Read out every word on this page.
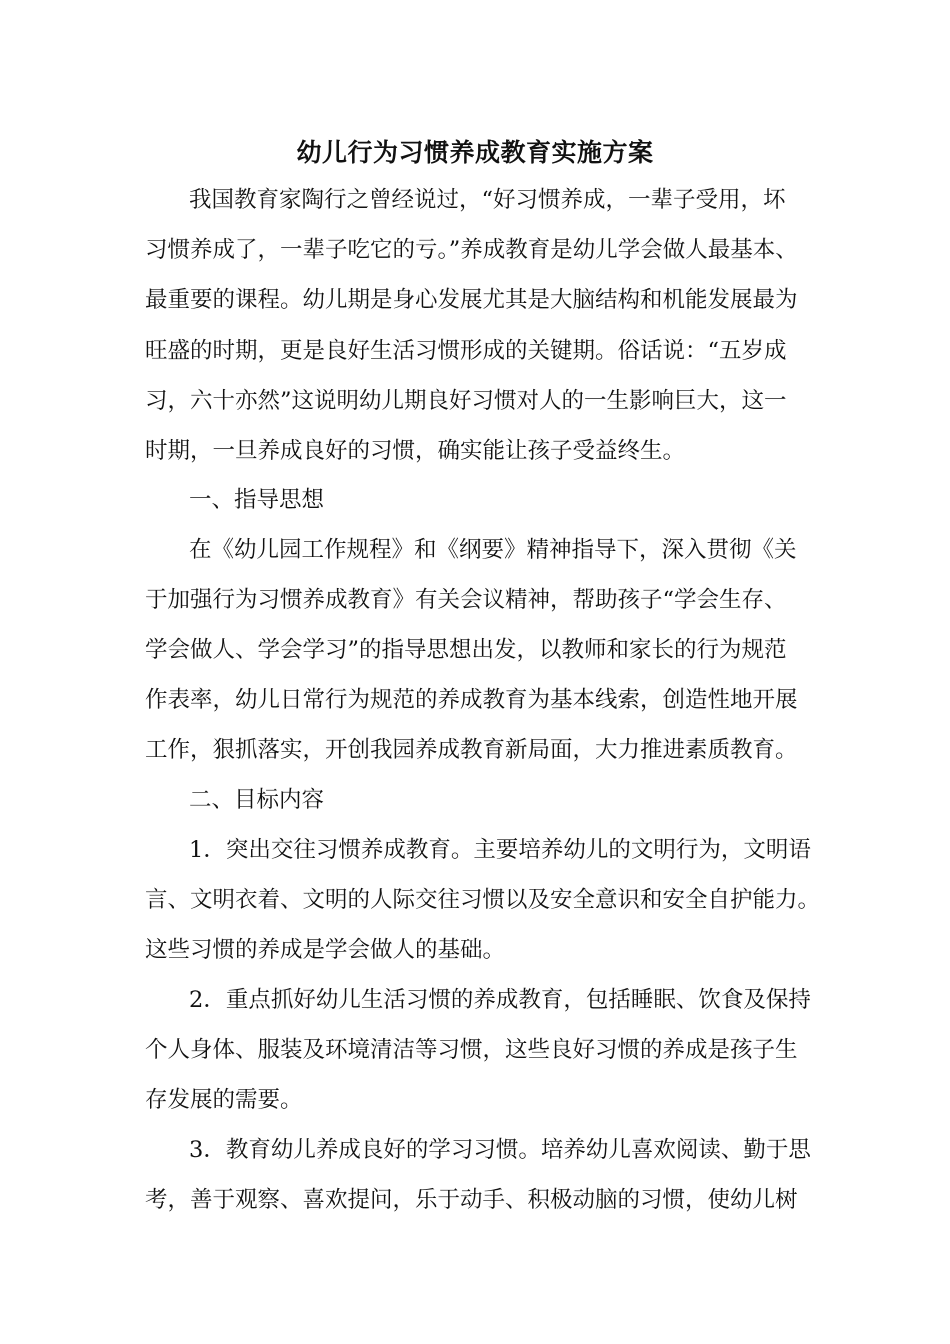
幼儿行为习惯养成教育实施方案
我国教育家陶行之曾经说过，“好习惯养成，一辈子受用，坏
习惯养成了，一辈子吃它的亏。”养成教育是幼儿学会做人最基本、
最重要的课程。幼儿期是身心发展尤其是大脑结构和机能发展最为
旺盛的时期，更是良好生活习惯形成的关键期。俗话说：“五岁成
习，六十亦然”这说明幼儿期良好习惯对人的一生影响巨大，这一
时期，一旦养成良好的习惯，确实能让孩子受益终生。
一、指导思想
在《幼儿园工作规程》和《纲要》精神指导下，深入贯彻《关
于加强行为习惯养成教育》有关会议精神，帮助孩子“学会生存、
学会做人、学会学习”的指导思想出发，以教师和家长的行为规范
作表率，幼儿日常行为规范的养成教育为基本线索，创造性地开展
工作，狠抓落实，开创我园养成教育新局面，大力推进素质教育。
二、目标内容
1．突出交往习惯养成教育。主要培养幼儿的文明行为，文明语
言、文明衣着、文明的人际交往习惯以及安全意识和安全自护能力。
这些习惯的养成是学会做人的基础。
2．重点抓好幼儿生活习惯的养成教育，包括睡眠、饮食及保持
个人身体、服装及环境清洁等习惯，这些良好习惯的养成是孩子生
存发展的需要。
3．教育幼儿养成良好的学习习惯。培养幼儿喜欢阅读、勤于思
考，善于观察、喜欢提问，乐于动手、积极动脑的习惯，使幼儿树
